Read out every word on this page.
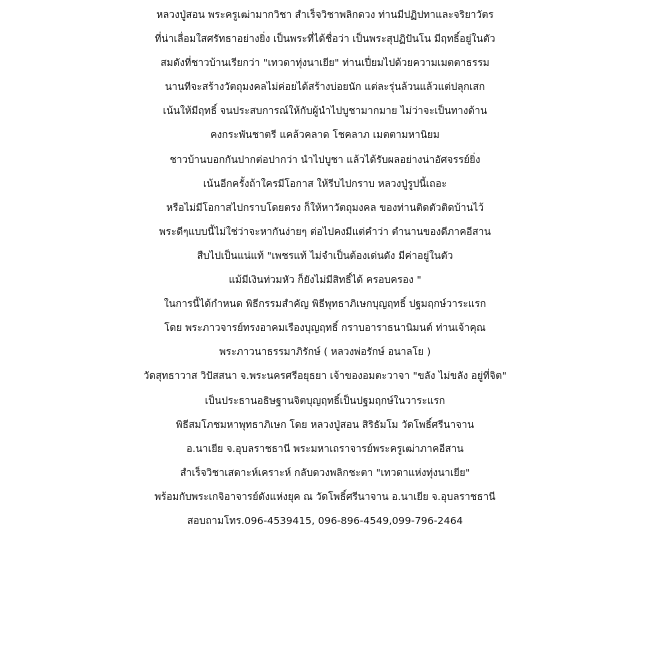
หลวงปู่สอน พระครูเฒ่ามากวิชา สำเร็จวิชาพลิกดวง ท่านมีปฏิปทาและจริยาวัตร
ที่น่าเลื่อมใสศรัทธาอย่างยิ่ง เป็นพระที่ได้ชื่อว่า เป็นพระสุปฏิปันโน มีฤทธิ์อยู่ในตัว
สมดังที่ชาวบ้านเรียกว่า "เทวดาทุ่งนาเยีย" ท่านเปี่ยมไปด้วยความเมตตาธรรม
นานทีจะสร้างวัตถุมงคลไม่ค่อยได้สร้างบ่อยนัก แต่ละรุ่นล้วนแล้วแต่ปลุกเสก
เน้นให้มีฤทธิ์ จนประสบการณ์ให้กับผู้นำไปบูชามากมาย ไม่ว่าจะเป็นทางด้าน
คงกระพันชาตรี แคล้วคลาด โชคลาภ เมตตามหานิยม
ชาวบ้านบอกกันปากต่อปากว่า นำไปบูชา แล้วได้รับผลอย่างน่าอัศจรรย์ยิ่ง
เน้นอีกครั้งถ้าใครมีโอกาส ให้รีบไปกราบ หลวงปู่รูปนี้เถอะ
หรือไม่มีโอกาสไปกราบโดยตรง ก็ให้หาวัตถุมงคล ของท่านติดตัวติดบ้านไว้
พระดีๆแบบนี้ไม่ใช่ว่าจะหากันง่ายๆ ต่อไปคงมีแต่คำว่า ตำนานของดีภาคอีสาน
สืบไปเป็นแน่แท้ "เพชรแท้ ไม่จำเป็นต้องเด่นดัง มีค่าอยู่ในตัว
แม้มีเงินท่วมหัว ก็ยังไม่มีสิทธิ์ได้ ครอบครอง "
ในการนี้ได้กำหนด พิธีกรรมสำคัญ พิธีพุทธาภิเษกบุญฤทธิ์ ปฐมฤกษ์วาระแรก
โดย พระภาวจารย์ทรงอาคมเรืองบุญฤทธิ์ กราบอาราธนานิมนต์ ท่านเจ้าคุณ
พระภาวนาธรรมาภิรักษ์ ( หลวงพ่อรักษ์ อนาลโย )
วัดสุทธาวาส วิปัสสนา จ.พระนครศรีอยุธยา เจ้าของอมตะวาจา "ขลัง ไม่ขลัง อยู่ที่จิต"
เป็นประธานอธิษฐานจิตบุญฤทธิ์เป็นปฐมฤกษ์ในวาระแรก
พิธีสมโภชมหาพุทธาภิเษก โดย หลวงปู่สอน สิริธัมโม วัดโพธิ์ศรีนาจาน
อ.นาเยีย จ.อุบลราชธานี พระมหาเถราจารย์พระครูเฒ่าภาคอีสาน
สำเร็จวิชาเสดาะห์เคราะห์ กลับดวงพลิกชะตา "เทวดาแห่งทุ่งนาเยีย"
พร้อมกับพระเกจิอาจารย์ดังแห่งยุค ณ วัดโพธิ์ศรีนาจาน อ.นาเยีย จ.อุบลราชธานี
สอบถามโทร.096-4539415, 096-896-4549,099-796-2464
